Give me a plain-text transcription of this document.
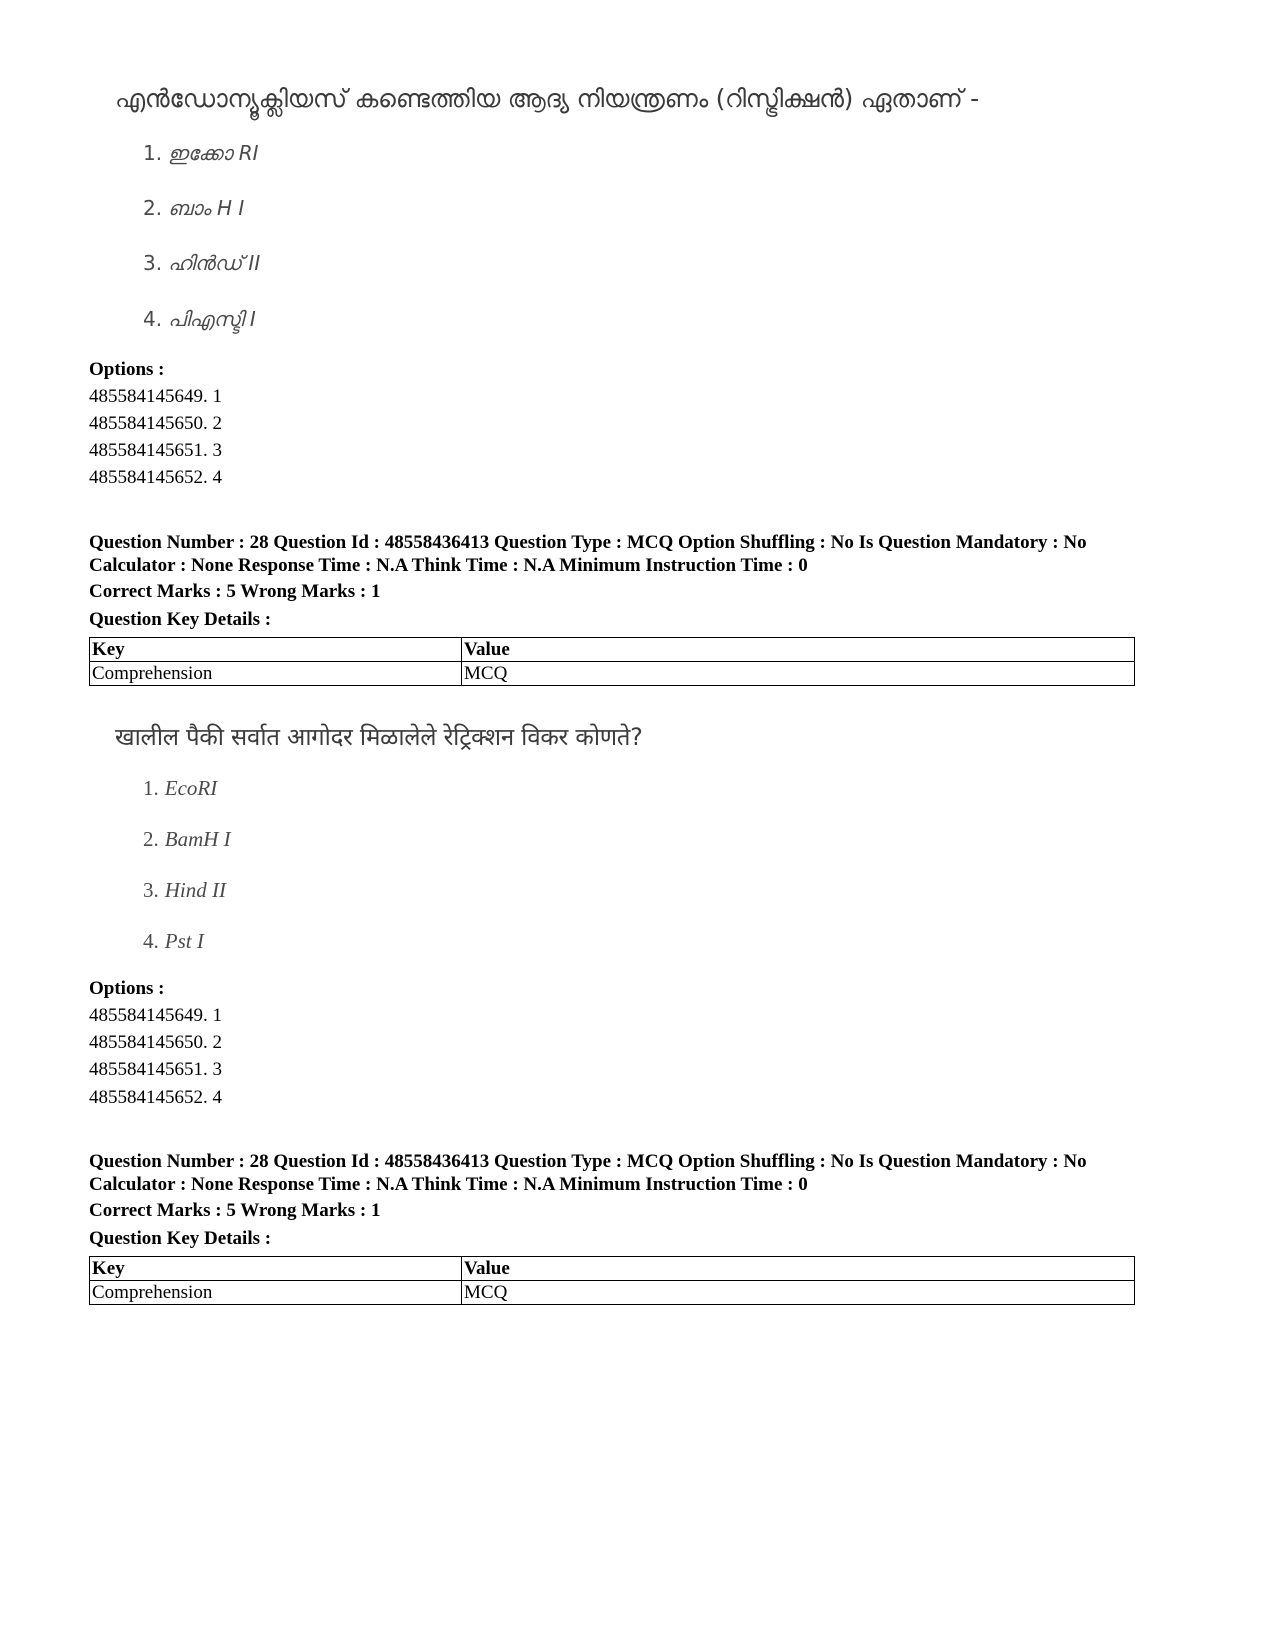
എൻഡോന്യൂക്ലിയസ് കണ്ടെത്തിയ ആദ്യ നിയന്ത്രണം (റിസ്ട്രിക്ഷൻ) ഏതാണ് -
1. ഇക്കോ RI
2. ബാം H I
3. ഹിൻഡ് II
4. പിഎസ്ടി I
Options :
485584145649. 1
485584145650. 2
485584145651. 3
485584145652. 4
Question Number : 28 Question Id : 48558436413 Question Type : MCQ Option Shuffling : No Is Question Mandatory : No Calculator : None Response Time : N.A Think Time : N.A Minimum Instruction Time : 0
Correct Marks : 5 Wrong Marks : 1
Question Key Details :
Key	Value
Comprehension	MCQ
खालील पैकी सर्वात आगोदर मिळालेले रेट्रिक्शन विकर कोणते?
1. EcoRI
2. BamH I
3. Hind II
4. Pst I
Options :
485584145649. 1
485584145650. 2
485584145651. 3
485584145652. 4
Question Number : 28 Question Id : 48558436413 Question Type : MCQ Option Shuffling : No Is Question Mandatory : No Calculator : None Response Time : N.A Think Time : N.A Minimum Instruction Time : 0
Correct Marks : 5 Wrong Marks : 1
Question Key Details :
Key	Value
Comprehension	MCQ
